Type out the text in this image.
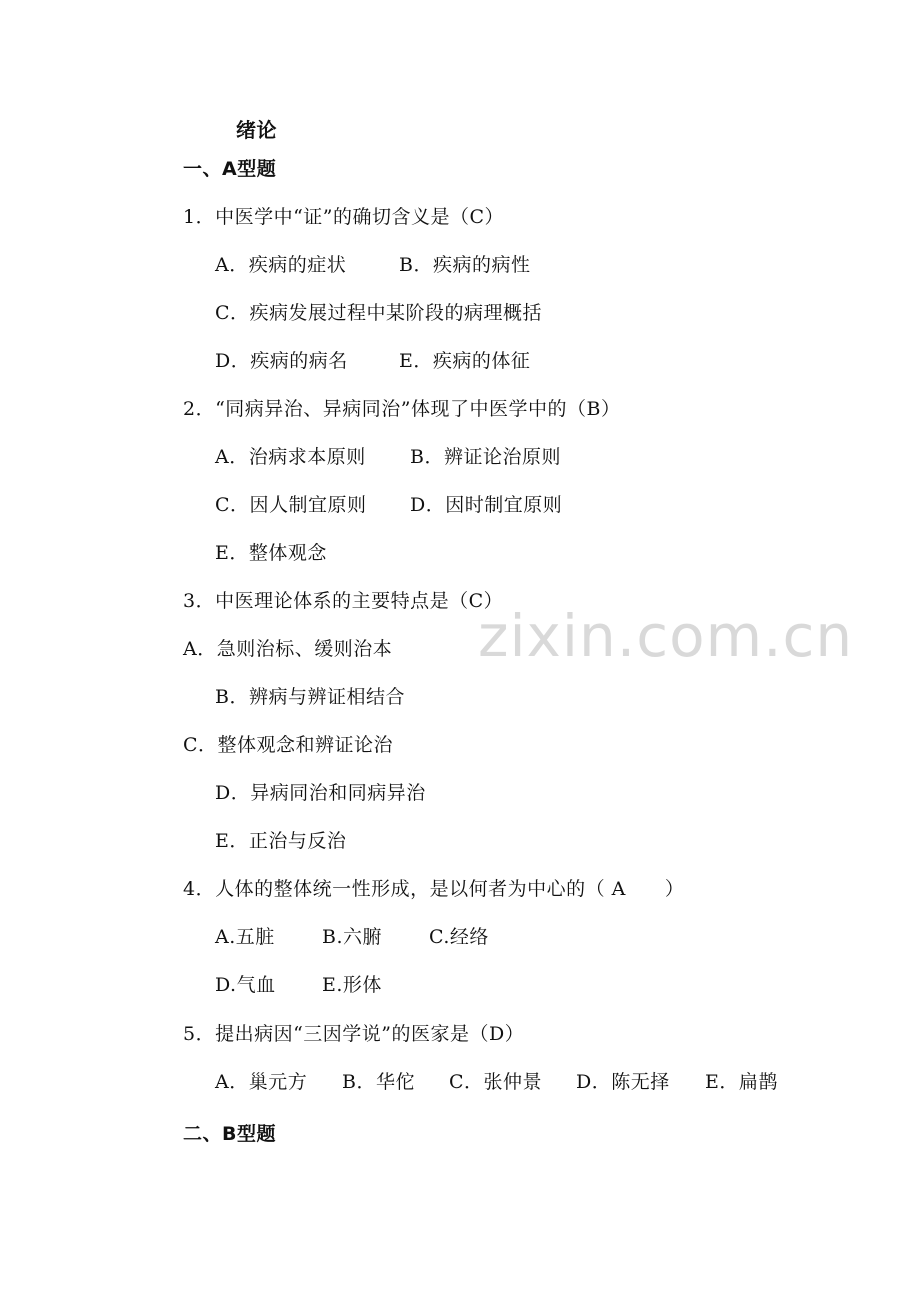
绪论
一、A型题
1．中医学中“证”的确切含义是（C）
A．疾病的症状	B．疾病的病性
C．疾病发展过程中某阶段的病理概括
D．疾病的病名	E．疾病的体征
2．“同病异治、异病同治”体现了中医学中的（B）
A．治病求本原则 B．辨证论治原则
C．因人制宜原则 D．因时制宜原则
E．整体观念
3．中医理论体系的主要特点是（C）
A．急则治标、缓则治本
B．辨病与辨证相结合
C．整体观念和辨证论治
D．异病同治和同病异治
E．正治与反治
4．人体的整体统一性形成，是以何者为中心的（ A　　）
A.五脏 B.六腑 C.经络
D.气血 E.形体
5．提出病因“三因学说”的医家是（D）
A．巢元方 B．华佗 C．张仲景 D．陈无择 E．扁鹊
二、B型题
zixin.com.cn
